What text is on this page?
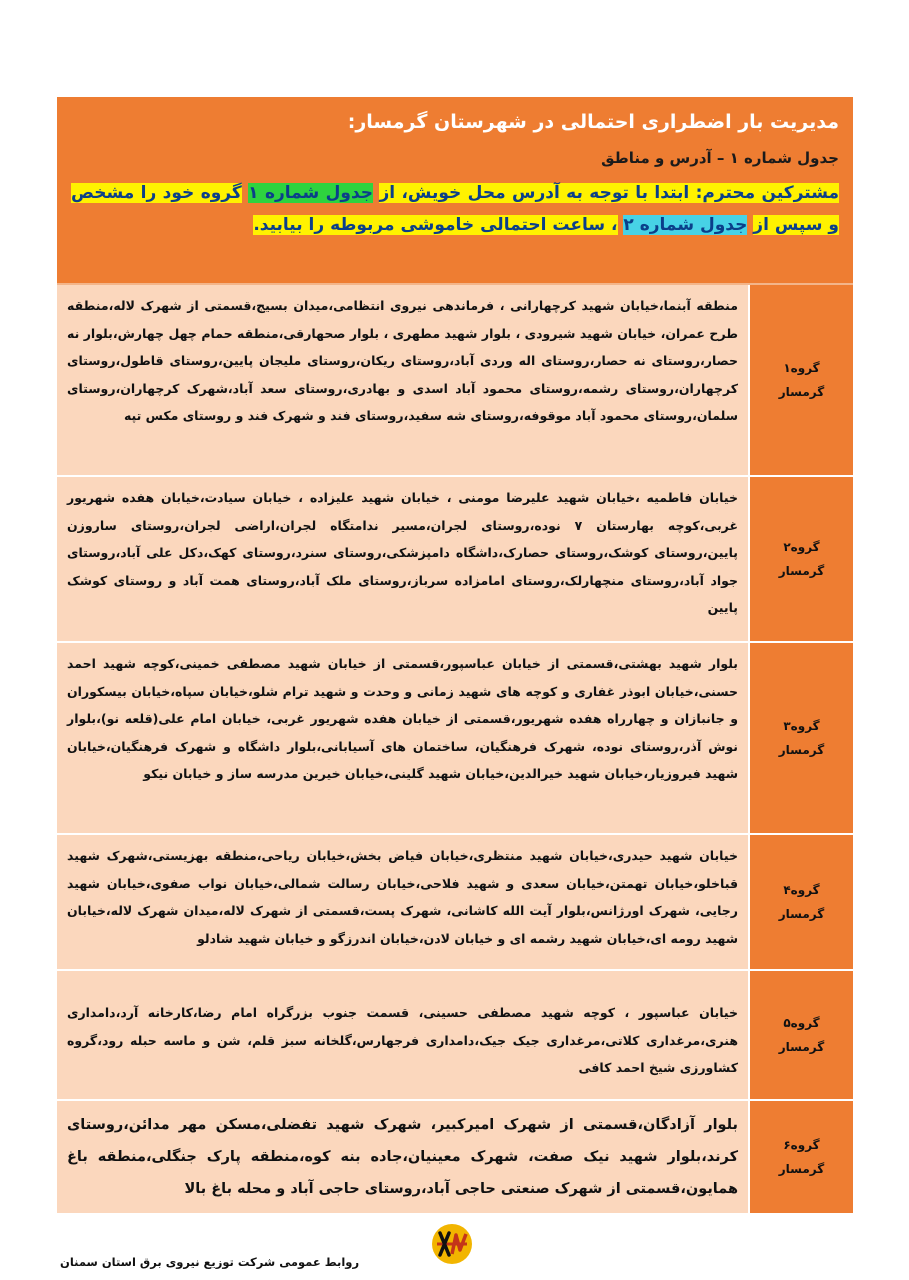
مدیریت بار اضطراری احتمالی در شهرستان گرمسار:
جدول شماره ۱ – آدرس و مناطق
مشترکین محترم: ابتدا با توجه به آدرس محل خویش، از جدول شماره ۱ گروه خود را مشخص و سپس از جدول شماره ۲ ، ساعت احتمالی خاموشی مربوطه را بیابید.
گروه۱
گرمسار
منطقه آبنما،خیابان شهید کرچهارانی ، فرماندهی نیروی انتظامی،میدان بسیج،قسمتی از شهرک لاله،منطقه طرح عمران، خیابان شهید شیرودی ، بلوار شهید مطهری ، بلوار صحهارقی،منطقه حمام چهل چهارش،بلوار نه حصار،روستای نه حصار،روستای اله وردی آباد،روستای ریکان،روستای ملیجان پایین،روستای قاطول،روستای کرچهاران،روستای رشمه،روستای محمود آباد اسدی و بهادری،روستای سعد آباد،شهرک کرچهاران،روستای سلمان،روستای محمود آباد موقوفه،روستای شه سفید،روستای فند و شهرک فند و روستای مکس تپه
گروه۲
گرمسار
خیابان فاطمیه ،خیابان شهید علیرضا مومنی ، خیابان شهید علیزاده ، خیابان سیادت،خیابان هفده شهریور غربی،کوچه بهارستان ۷ نوده،روستای لجران،مسیر ندامتگاه لجران،اراضی لجران،روستای ساروزن پایین،روستای کوشک،روستای حصارک،داشگاه دامپزشکی،روستای سنرد،روستای کهک،دکل علی آباد،روستای جواد آباد،روستای منچهارلک،روستای امامزاده سرباز،روستای ملک آباد،روستای همت آباد و روستای کوشک پایین
گروه۳
گرمسار
بلوار شهید بهشتی،قسمتی از خیابان عباسپور،قسمتی از خیابان شهید مصطفی خمینی،کوچه شهید احمد حسنی،خیابان ابوذر غفاری و کوچه های شهید زمانی و وحدت و شهید ترام شلو،خیابان سپاه،خیابان بیسکوران و جانبازان و چهارراه هفده شهریور،قسمتی از خیابان هفده شهریور غربی، خیابان امام علی(قلعه نو)،بلوار نوش آذر،روستای نوده، شهرک فرهنگیان، ساختمان های آسیابانی،بلوار داشگاه و شهرک فرهنگیان،خیابان شهید فیروزیار،خیابان شهید خیرالدین،خیابان شهید گلینی،خیابان خیرین مدرسه ساز و خیابان نیکو
گروه۴
گرمسار
خیابان شهید حیدری،خیابان شهید منتظری،خیابان فیاض بخش،خیابان ریاحی،منطقه بهزیستی،شهرک شهید قباخلو،خیابان تهمتن،خیابان سعدی و شهید فلاحی،خیابان رسالت شمالی،خیابان نواب صفوی،خیابان شهید رجایی، شهرک اورژانس،بلوار آیت الله کاشانی، شهرک پست،قسمتی از شهرک لاله،میدان شهرک لاله،خیابان شهید رومه ای،خیابان شهید رشمه ای و خیابان لادن،خیابان اندرزگو و خیابان شهید شادلو
گروه۵
گرمسار
خیابان عباسپور ، کوچه شهید مصطفی حسینی، قسمت جنوب بزرگراه امام رضا،کارخانه آرد،دامداری هنری،مرغداری کلاتی،مرغداری جیک جیک،دامداری فرجهارس،گلخانه سبز قلم، شن و ماسه حبله رود،گروه کشاورزی شیخ احمد کافی
گروه۶
گرمسار
بلوار آزادگان،قسمتی از شهرک امیرکبیر، شهرک شهید تفضلی،مسکن مهر مدائن،روستای کرند،بلوار شهید نیک صفت، شهرک معینیان،جاده بنه کوه،منطقه پارک جنگلی،منطقه باغ همایون،قسمتی از شهرک صنعتی حاجی آباد،روستای حاجی آباد و محله باغ بالا
روابط عمومی شرکت توزیع نیروی برق استان سمنان
